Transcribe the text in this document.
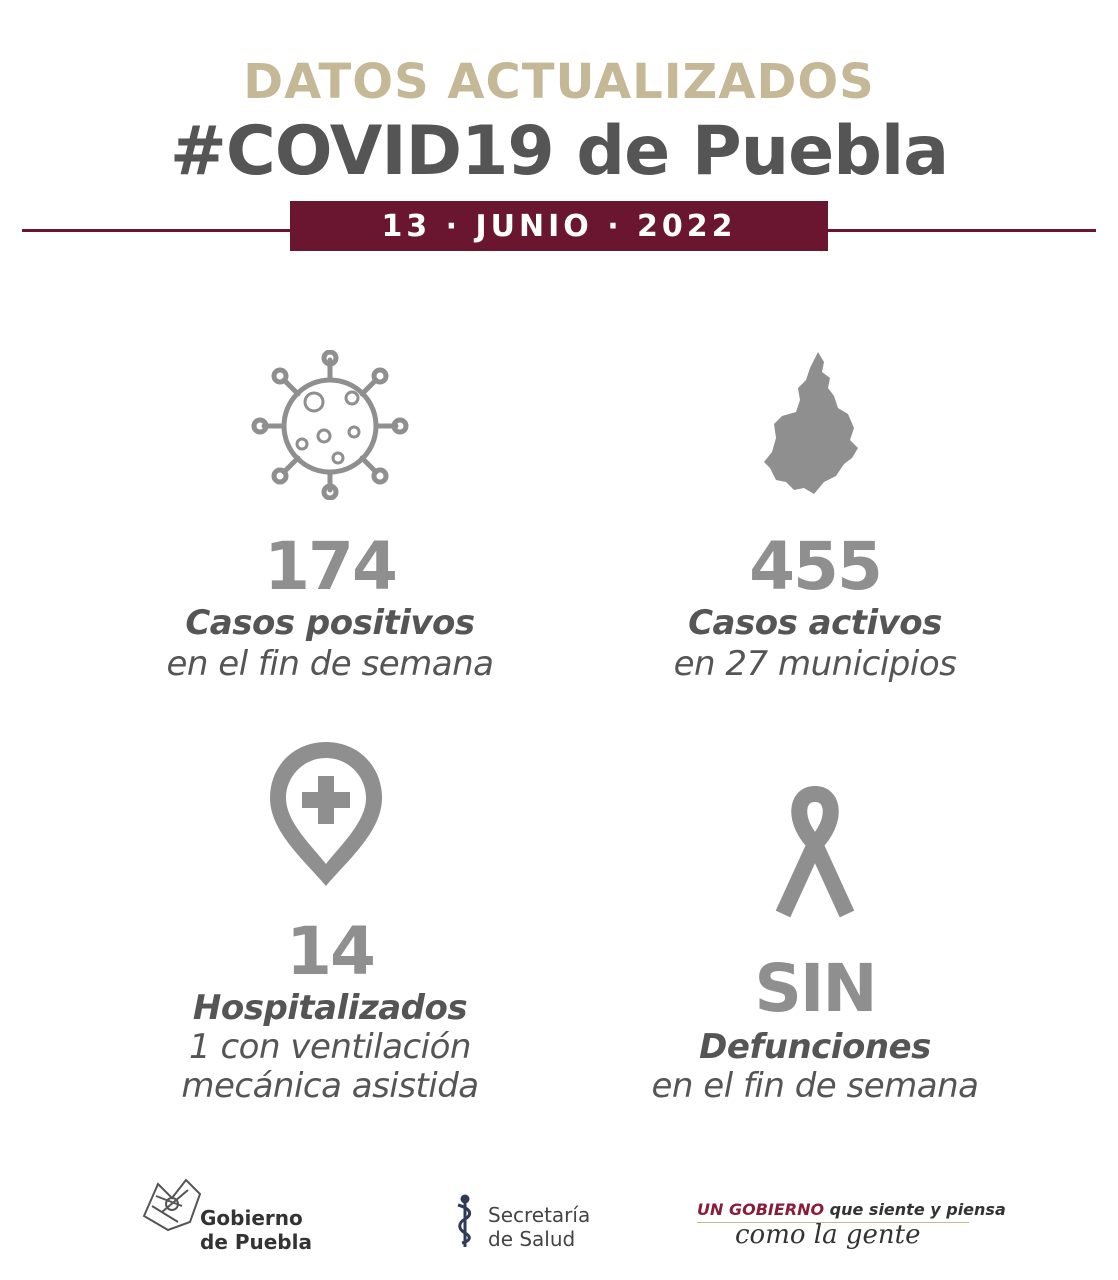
DATOS ACTUALIZADOS
#COVID19 de Puebla
13 · JUNIO · 2022
174
Casos positivos
en el fin de semana
455
Casos activos
en 27 municipios
14
Hospitalizados
1 con ventilación
mecánica asistida
SIN
Defunciones
en el fin de semana
Gobierno
de Puebla
Secretaría
de Salud
UN GOBIERNO que siente y piensa
como la gente
